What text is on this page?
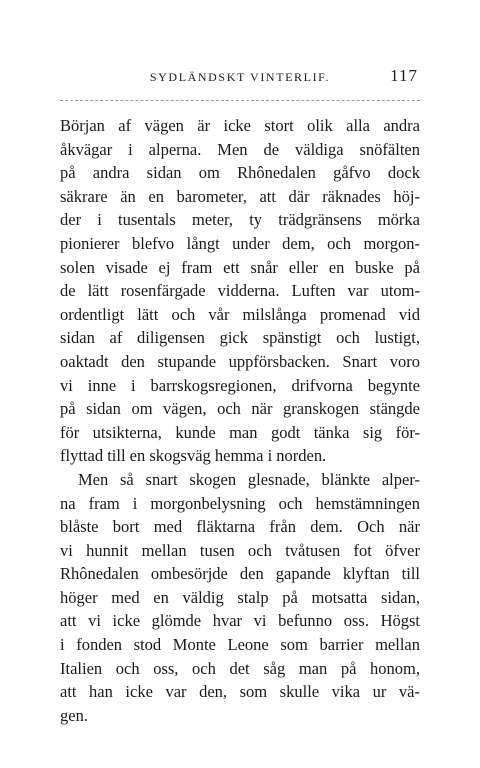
SYDLÄNDSKT VINTERLIF.	117
Början af vägen är icke stort olik alla andra
åkvägar i alperna. Men de väldiga snöfälten
på andra sidan om Rhônedalen gåfvo dock
säkrare än en barometer, att där räknades höj-
der i tusentals meter, ty trädgränsens mörka
pionierer blefvo långt under dem, och morgon-
solen visade ej fram ett snår eller en buske på
de lätt rosenfärgade vidderna. Luften var utom-
ordentligt lätt och vår milslånga promenad vid
sidan af diligensen gick spänstigt och lustigt,
oaktadt den stupande uppförsbacken. Snart voro
vi inne i barrskogsregionen, drifvorna begynte
på sidan om vägen, och när granskogen stängde
för utsikterna, kunde man godt tänka sig för-
flyttad till en skogsväg hemma i norden.
Men så snart skogen glesnade, blänkte alper-
na fram i morgonbelysning och hemstämningen
blåste bort med fläktarna från dem. Och när
vi hunnit mellan tusen och tvåtusen fot öfver
Rhônedalen ombesörjde den gapande klyftan till
höger med en väldig stalp på motsatta sidan,
att vi icke glömde hvar vi befunno oss. Högst
i fonden stod Monte Leone som barrier mellan
Italien och oss, och det såg man på honom,
att han icke var den, som skulle vika ur vä-
gen.
